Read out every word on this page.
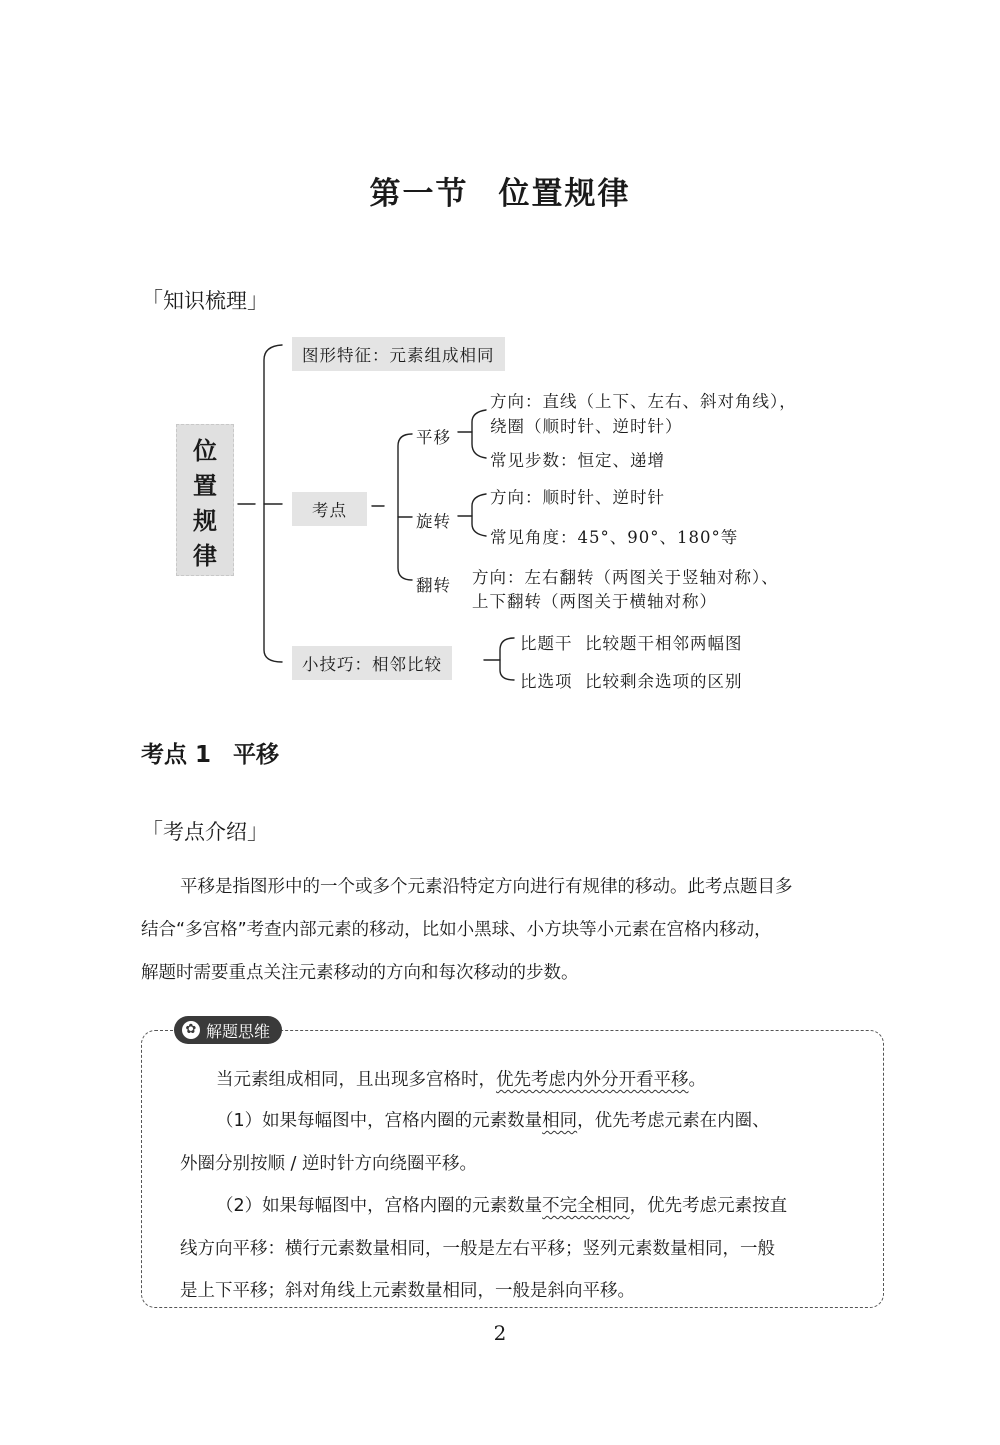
第一节 位置规律
「知识梳理」
位
置
规
律
图形特征：元素组成相同
考点
小技巧：相邻比较
平移
旋转
翻转
方向：直线（上下、左右、斜对角线），
绕圈（顺时针、逆时针）
常见步数：恒定、递增
方向：顺时针、逆时针
常见角度：45°、90°、180°等
方向：左右翻转（两图关于竖轴对称）、
上下翻转（两图关于横轴对称）
比题干 比较题干相邻两幅图
比选项 比较剩余选项的区别
考点 1 平移
「考点介绍」
平移是指图形中的一个或多个元素沿特定方向进行有规律的移动。此考点题目多
结合“多宫格”考查内部元素的移动，比如小黑球、小方块等小元素在宫格内移动，
解题时需要重点关注元素移动的方向和每次移动的步数。
✿ 解题思维
当元素组成相同，且出现多宫格时，优先考虑内外分开看平移。
（1）如果每幅图中，宫格内圈的元素数量相同，优先考虑元素在内圈、
外圈分别按顺 / 逆时针方向绕圈平移。
（2）如果每幅图中，宫格内圈的元素数量不完全相同，优先考虑元素按直
线方向平移：横行元素数量相同，一般是左右平移；竖列元素数量相同，一般
是上下平移；斜对角线上元素数量相同，一般是斜向平移。
2
